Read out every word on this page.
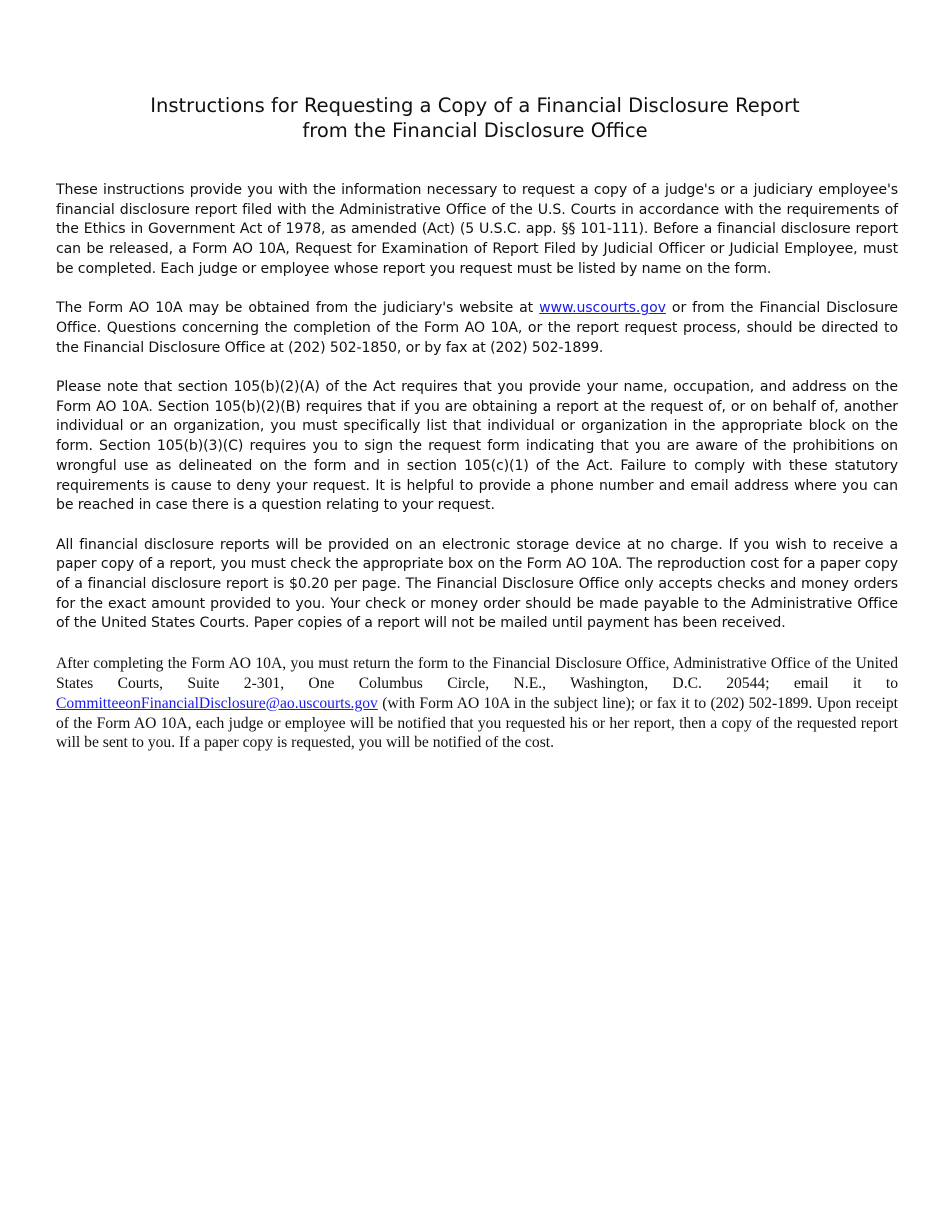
Instructions for Requesting a Copy of a Financial Disclosure Report
from the Financial Disclosure Office

These instructions provide you with the information necessary to request a copy of a judge's or a judiciary employee's financial disclosure report filed with the Administrative Office of the U.S. Courts in accordance with the requirements of the Ethics in Government Act of 1978, as amended (Act) (5 U.S.C. app. §§ 101-111). Before a financial disclosure report can be released, a Form AO 10A, Request for Examination of Report Filed by Judicial Officer or Judicial Employee, must be completed. Each judge or employee whose report you request must be listed by name on the form.

The Form AO 10A may be obtained from the judiciary's website at www.uscourts.gov or from the Financial Disclosure Office. Questions concerning the completion of the Form AO 10A, or the report request process, should be directed to the Financial Disclosure Office at (202) 502-1850, or by fax at (202) 502-1899.

Please note that section 105(b)(2)(A) of the Act requires that you provide your name, occupation, and address on the Form AO 10A. Section 105(b)(2)(B) requires that if you are obtaining a report at the request of, or on behalf of, another individual or an organization, you must specifically list that individual or organization in the appropriate block on the form. Section 105(b)(3)(C) requires you to sign the request form indicating that you are aware of the prohibitions on wrongful use as delineated on the form and in section 105(c)(1) of the Act. Failure to comply with these statutory requirements is cause to deny your request. It is helpful to provide a phone number and email address where you can be reached in case there is a question relating to your request.

All financial disclosure reports will be provided on an electronic storage device at no charge. If you wish to receive a paper copy of a report, you must check the appropriate box on the Form AO 10A. The reproduction cost for a paper copy of a financial disclosure report is $0.20 per page. The Financial Disclosure Office only accepts checks and money orders for the exact amount provided to you. Your check or money order should be made payable to the Administrative Office of the United States Courts. Paper copies of a report will not be mailed until payment has been received.

After completing the Form AO 10A, you must return the form to the Financial Disclosure Office, Administrative Office of the United States Courts, Suite 2-301, One Columbus Circle, N.E., Washington, D.C. 20544; email it to CommitteeonFinancialDisclosure@ao.uscourts.gov (with Form AO 10A in the subject line); or fax it to (202) 502-1899. Upon receipt of the Form AO 10A, each judge or employee will be notified that you requested his or her report, then a copy of the requested report will be sent to you. If a paper copy is requested, you will be notified of the cost.
